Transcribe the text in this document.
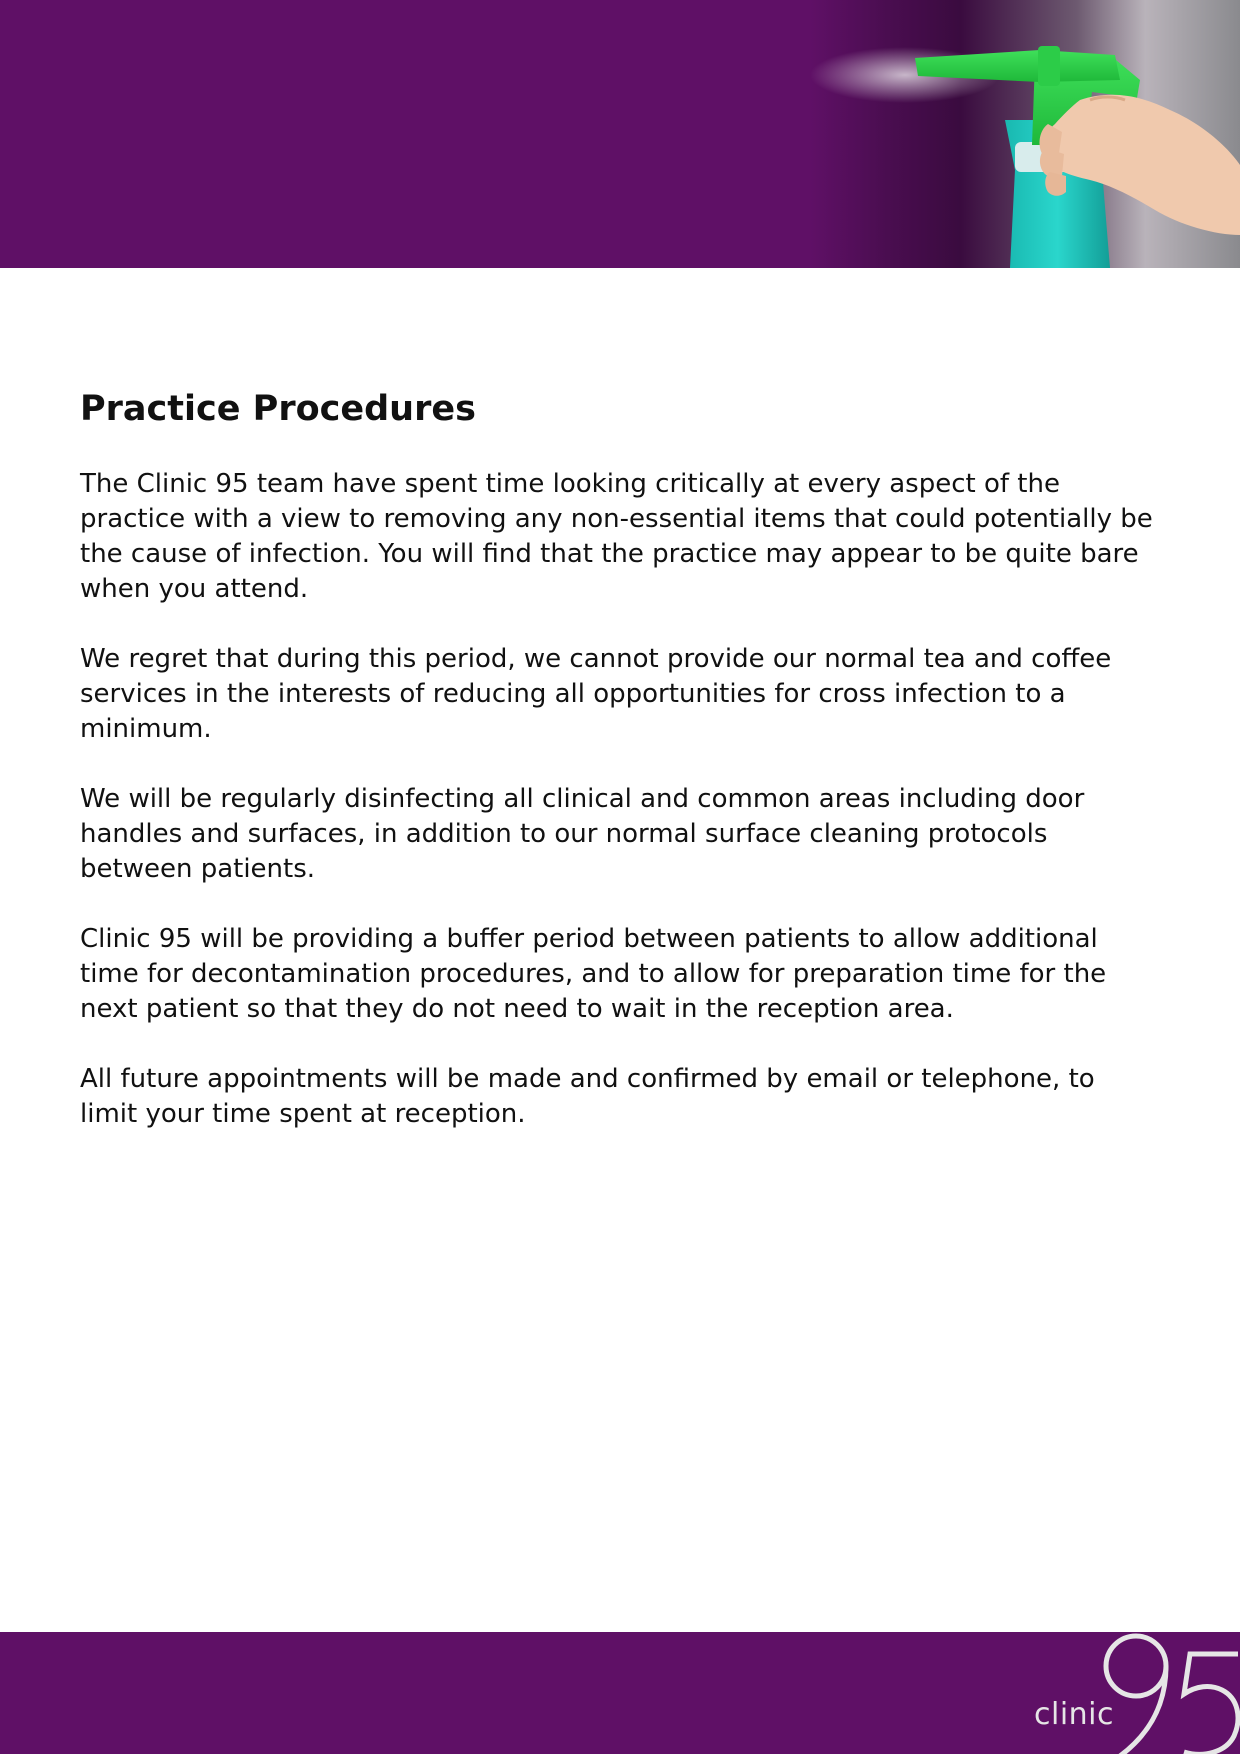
Practice Procedures

The Clinic 95 team have spent time looking critically at every aspect of the practice with a view to removing any non-essential items that could potentially be the cause of infection. You will find that the practice may appear to be quite bare when you attend.

We regret that during this period, we cannot provide our normal tea and coffee services in the interests of reducing all opportunities for cross infection to a minimum.

We will be regularly disinfecting all clinical and common areas including door handles and surfaces, in addition to our normal surface cleaning protocols between patients.

Clinic 95 will be providing a buffer period between patients to allow additional time for decontamination procedures, and to allow for preparation time for the next patient so that they do not need to wait in the reception area.

All future appointments will be made and confirmed by email or telephone, to limit your time spent at reception.

clinic
